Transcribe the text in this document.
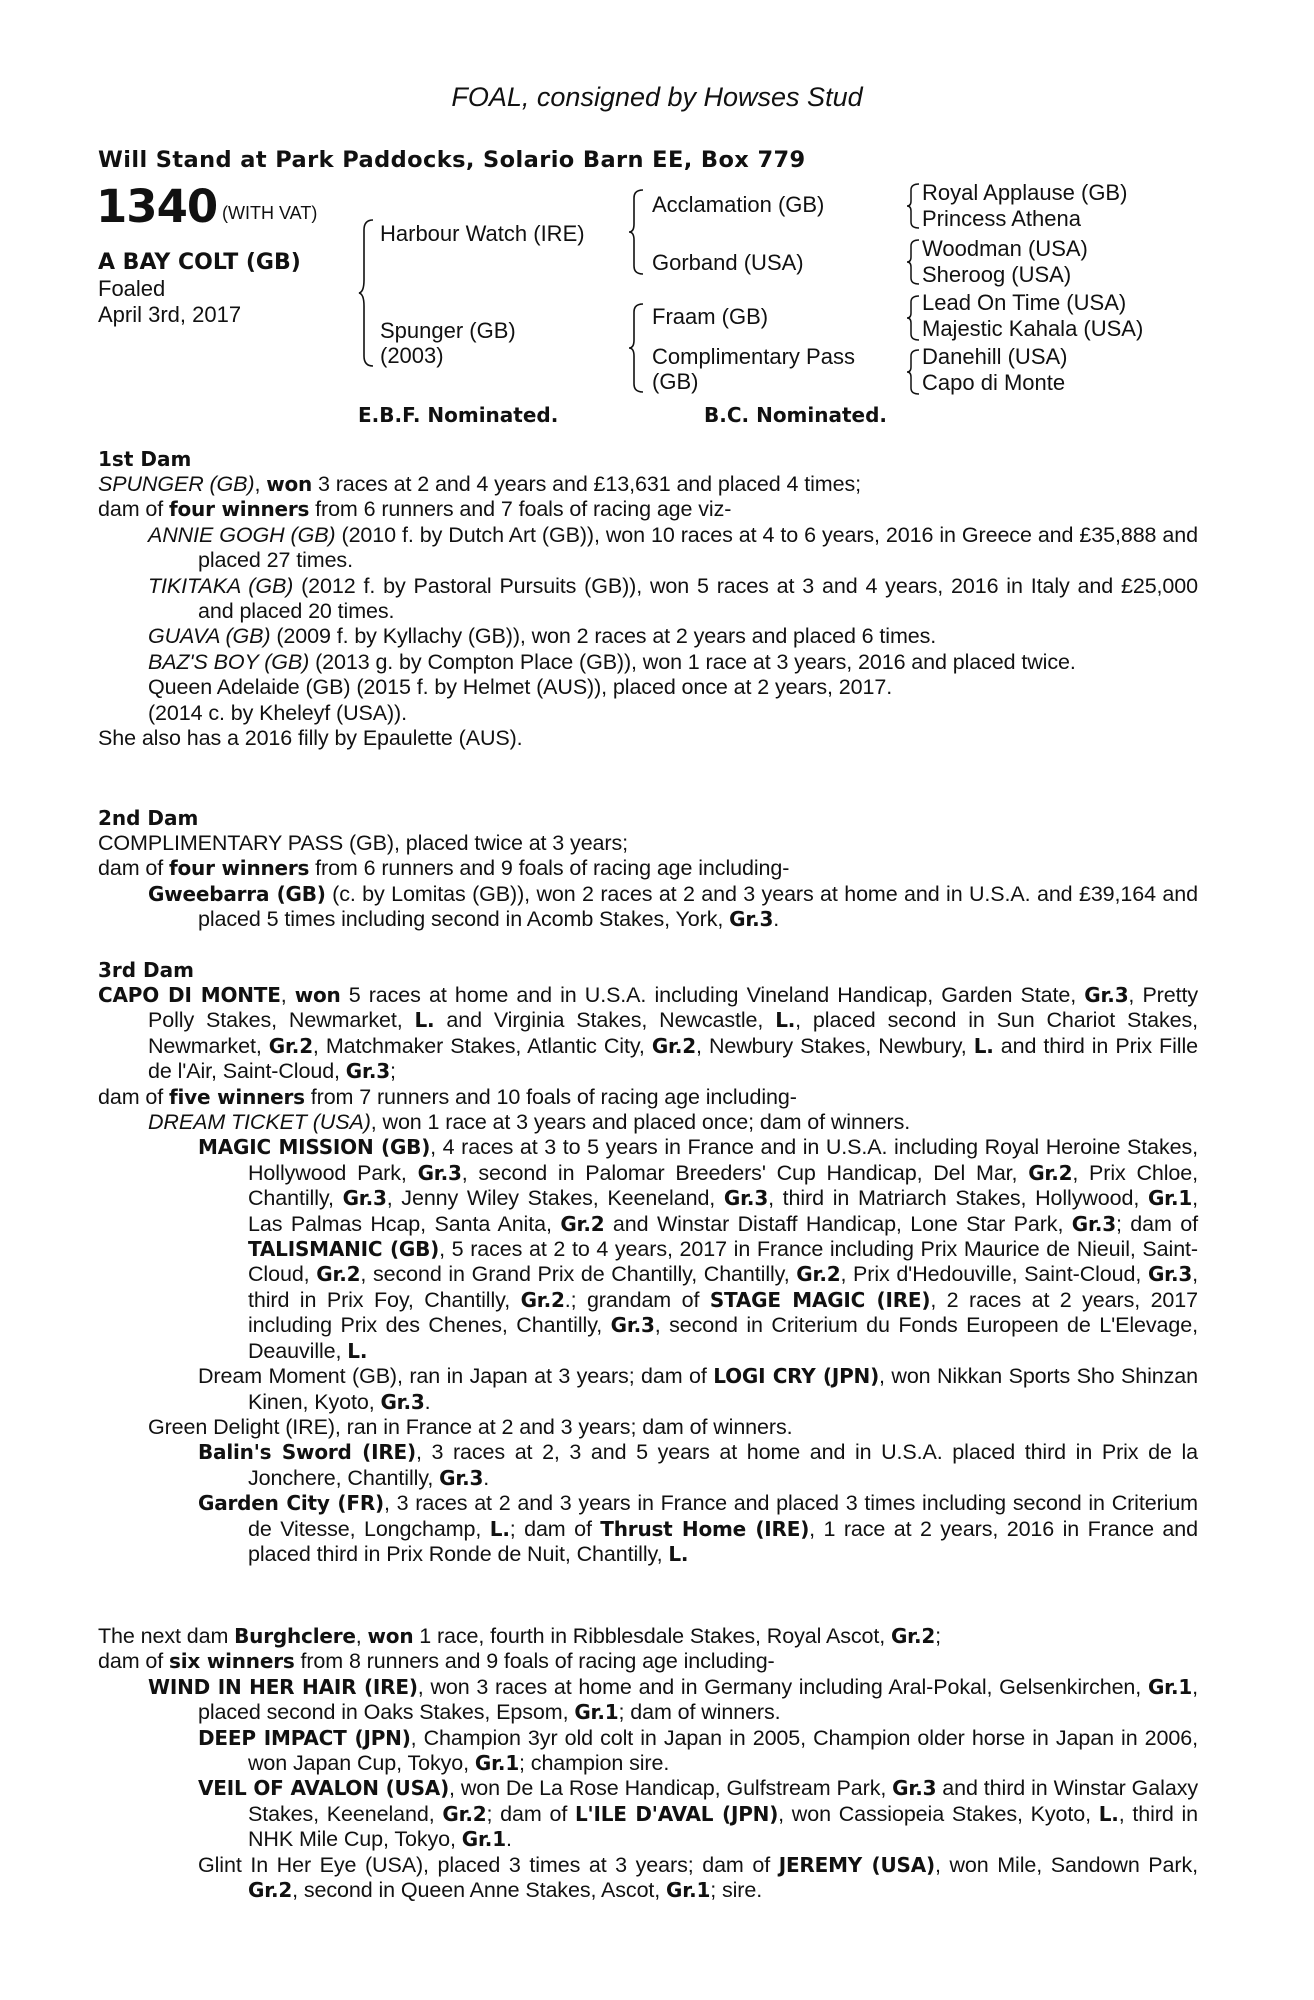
FOAL, consigned by Howses Stud
Will Stand at Park Paddocks, Solario Barn EE, Box 779
1340 (WITH VAT)
A BAY COLT (GB)
Foaled
April 3rd, 2017
Harbour Watch (IRE)
Spunger (GB)
(2003)
Acclamation (GB)
Gorband (USA)
Fraam (GB)
Complimentary Pass
(GB)
Royal Applause (GB)
Princess Athena
Woodman (USA)
Sheroog (USA)
Lead On Time (USA)
Majestic Kahala (USA)
Danehill (USA)
Capo di Monte
E.B.F. Nominated.	B.C. Nominated.
1st Dam
SPUNGER (GB), won 3 races at 2 and 4 years and £13,631 and placed 4 times;
dam of four winners from 6 runners and 7 foals of racing age viz-
ANNIE GOGH (GB) (2010 f. by Dutch Art (GB)), won 10 races at 4 to 6 years, 2016 in Greece and £35,888 and placed 27 times.
TIKITAKA (GB) (2012 f. by Pastoral Pursuits (GB)), won 5 races at 3 and 4 years, 2016 in Italy and £25,000 and placed 20 times.
GUAVA (GB) (2009 f. by Kyllachy (GB)), won 2 races at 2 years and placed 6 times.
BAZ'S BOY (GB) (2013 g. by Compton Place (GB)), won 1 race at 3 years, 2016 and placed twice.
Queen Adelaide (GB) (2015 f. by Helmet (AUS)), placed once at 2 years, 2017.
(2014 c. by Kheleyf (USA)).
She also has a 2016 filly by Epaulette (AUS).
2nd Dam
COMPLIMENTARY PASS (GB), placed twice at 3 years;
dam of four winners from 6 runners and 9 foals of racing age including-
Gweebarra (GB) (c. by Lomitas (GB)), won 2 races at 2 and 3 years at home and in U.S.A. and £39,164 and placed 5 times including second in Acomb Stakes, York, Gr.3.
3rd Dam
CAPO DI MONTE, won 5 races at home and in U.S.A. including Vineland Handicap, Garden State, Gr.3, Pretty Polly Stakes, Newmarket, L. and Virginia Stakes, Newcastle, L., placed second in Sun Chariot Stakes, Newmarket, Gr.2, Matchmaker Stakes, Atlantic City, Gr.2, Newbury Stakes, Newbury, L. and third in Prix Fille de l'Air, Saint-Cloud, Gr.3;
dam of five winners from 7 runners and 10 foals of racing age including-
DREAM TICKET (USA), won 1 race at 3 years and placed once; dam of winners.
MAGIC MISSION (GB), 4 races at 3 to 5 years in France and in U.S.A. including Royal Heroine Stakes, Hollywood Park, Gr.3, second in Palomar Breeders' Cup Handicap, Del Mar, Gr.2, Prix Chloe, Chantilly, Gr.3, Jenny Wiley Stakes, Keeneland, Gr.3, third in Matriarch Stakes, Hollywood, Gr.1, Las Palmas Hcap, Santa Anita, Gr.2 and Winstar Distaff Handicap, Lone Star Park, Gr.3; dam of TALISMANIC (GB), 5 races at 2 to 4 years, 2017 in France including Prix Maurice de Nieuil, Saint-Cloud, Gr.2, second in Grand Prix de Chantilly, Chantilly, Gr.2, Prix d'Hedouville, Saint-Cloud, Gr.3, third in Prix Foy, Chantilly, Gr.2.; grandam of STAGE MAGIC (IRE), 2 races at 2 years, 2017 including Prix des Chenes, Chantilly, Gr.3, second in Criterium du Fonds Europeen de L'Elevage, Deauville, L.
Dream Moment (GB), ran in Japan at 3 years; dam of LOGI CRY (JPN), won Nikkan Sports Sho Shinzan Kinen, Kyoto, Gr.3.
Green Delight (IRE), ran in France at 2 and 3 years; dam of winners.
Balin's Sword (IRE), 3 races at 2, 3 and 5 years at home and in U.S.A. placed third in Prix de la Jonchere, Chantilly, Gr.3.
Garden City (FR), 3 races at 2 and 3 years in France and placed 3 times including second in Criterium de Vitesse, Longchamp, L.; dam of Thrust Home (IRE), 1 race at 2 years, 2016 in France and placed third in Prix Ronde de Nuit, Chantilly, L.
The next dam Burghclere, won 1 race, fourth in Ribblesdale Stakes, Royal Ascot, Gr.2;
dam of six winners from 8 runners and 9 foals of racing age including-
WIND IN HER HAIR (IRE), won 3 races at home and in Germany including Aral-Pokal, Gelsenkirchen, Gr.1, placed second in Oaks Stakes, Epsom, Gr.1; dam of winners.
DEEP IMPACT (JPN), Champion 3yr old colt in Japan in 2005, Champion older horse in Japan in 2006, won Japan Cup, Tokyo, Gr.1; champion sire.
VEIL OF AVALON (USA), won De La Rose Handicap, Gulfstream Park, Gr.3 and third in Winstar Galaxy Stakes, Keeneland, Gr.2; dam of L'ILE D'AVAL (JPN), won Cassiopeia Stakes, Kyoto, L., third in NHK Mile Cup, Tokyo, Gr.1.
Glint In Her Eye (USA), placed 3 times at 3 years; dam of JEREMY (USA), won Mile, Sandown Park, Gr.2, second in Queen Anne Stakes, Ascot, Gr.1; sire.
